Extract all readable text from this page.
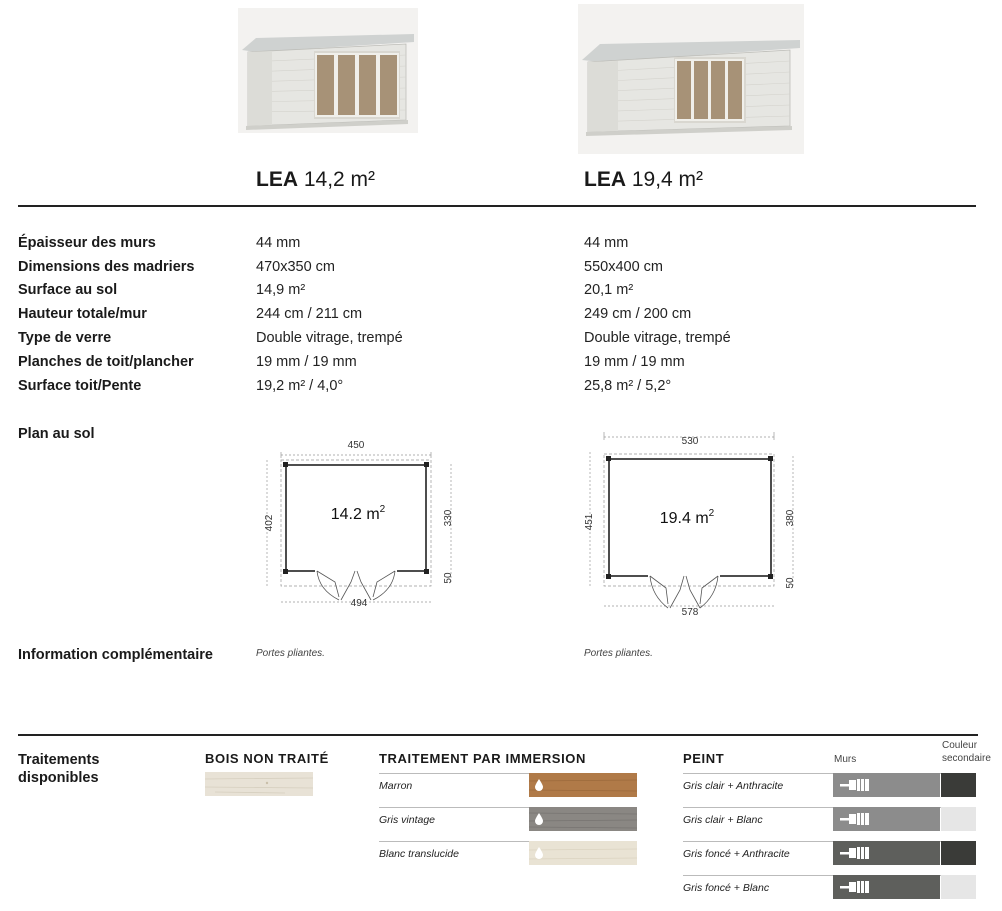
LEA 14,2 m²	LEA 19,4 m²
Épaisseur des murs	44 mm	44 mm
Dimensions des madriers	470x350 cm	550x400 cm
Surface au sol	14,9 m²	20,1 m²
Hauteur totale/mur	244 cm / 211 cm	249 cm / 200 cm
Type de verre	Double vitrage, trempé	Double vitrage, trempé
Planches de toit/plancher	19 mm / 19 mm	19 mm / 19 mm
Surface toit/Pente	19,2 m² / 4,0°	25,8 m² / 5,2°
Plan au sol
450
494
402	330
50
14.2 $m^2$
530
578
451	380
50
19.4 $m^2$
Information complémentaire	Portes pliantes.	Portes pliantes.
Traitements
disponibles
BOIS NON TRAITÉ	TRAITEMENT PAR IMMERSION
Marron
Gris vintage
Blanc translucide
PEINT	Murs
Couleur
secondaire
Gris clair + Anthracite
Gris clair + Blanc
Gris foncé + Anthracite
Gris foncé + Blanc
